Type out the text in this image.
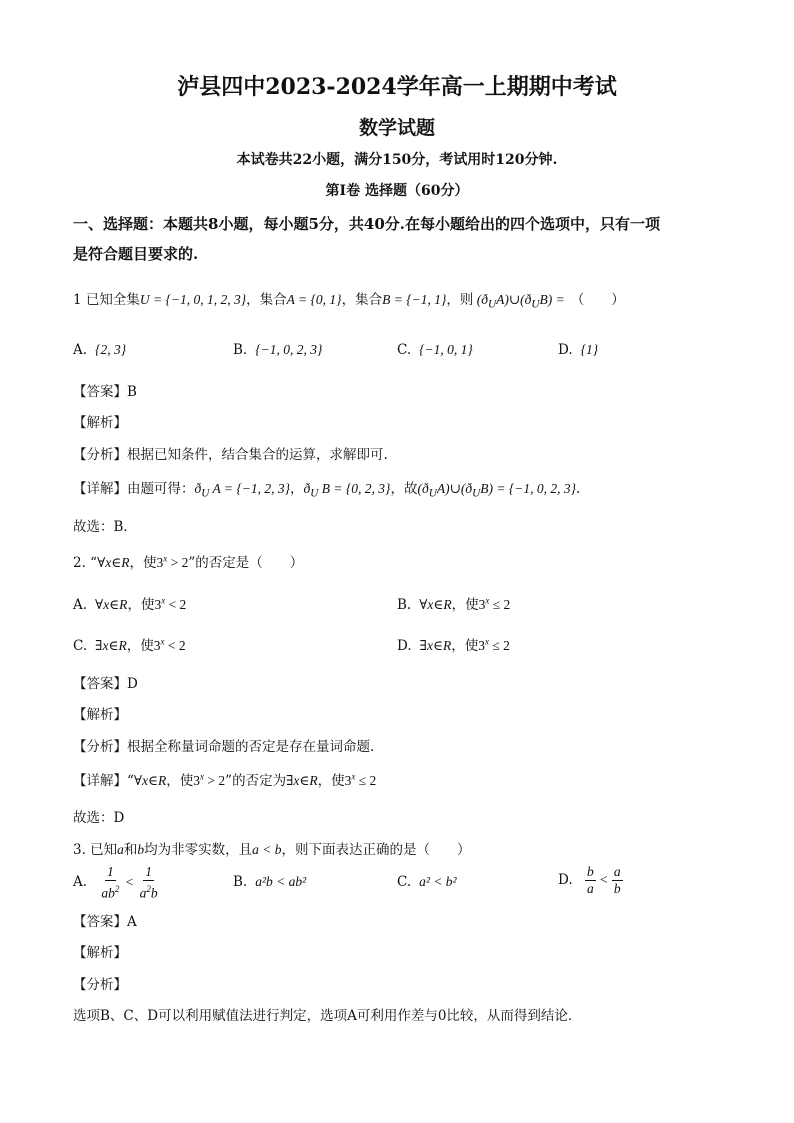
泸县四中2023-2024学年高一上期期中考试
数学试题
本试卷共22小题，满分150分，考试用时120分钟.
第I卷 选择题（60分）
一、选择题：本题共8小题，每小题5分，共40分.在每小题给出的四个选项中，只有一项
是符合题目要求的.
1 已知全集U = {−1, 0, 1, 2, 3}，集合A = {0, 1}，集合B = {−1, 1}，则 $(ð_UA)\cup(ð_UB)$ = （　　）
A. {2, 3}	B. {−1, 0, 2, 3}	C. {−1, 0, 1}	D. {1}
【答案】B
【解析】
【分析】根据已知条件，结合集合的运算，求解即可.
【详解】由题可得：$ð_U$ A = {−1, 2, 3}，$ð_U$ B = {0, 2, 3}，故$(ð_UA)\cup(ð_UB) = \{-1$, 0, 2, 3}.
故选：B．
2. “∀x∈R，使$3^x > 2$”的否定是（　　）
A. ∀x∈R，使$3^x < 2$	B. ∀x∈R，使$3^x \le 2$
C. ∃x∈R，使$3^x < 2$	D. ∃x∈R，使$3^x \le 2$
【答案】D
【解析】
【分析】根据全称量词命题的否定是存在量词命题.
【详解】“∀x∈R，使$3^x > 2$”的否定为∃x∈R，使$3^x \le 2$
故选：D
3. 已知a和b均为非零实数，且a < b，则下面表达正确的是（　　）
A. $\frac{1}{ab^2} < \frac{1}{a^2b}$	B. a²b < ab²	C. a² < b²	D. $\frac{b}{a} < \frac{a}{b}$
【答案】A
【解析】
【分析】
选项B、C、D可以利用赋值法进行判定，选项A可利用作差与0比较，从而得到结论．
